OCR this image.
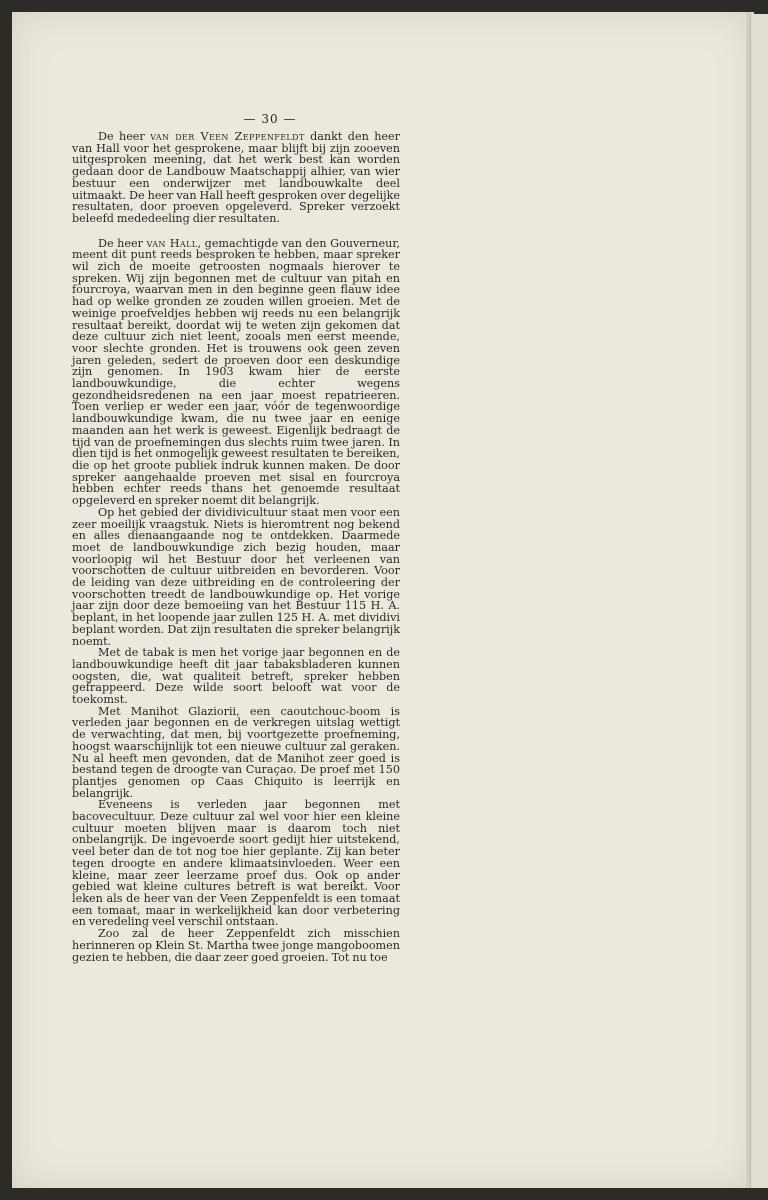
— 30 —

De heer van der Veen Zeppenfeldt dankt den heer van Hall voor het gesprokene, maar blijft bij zijn zooeven uitgesproken meening, dat het werk best kan worden gedaan door de Landbouw Maatschappij alhier, van wier bestuur een onderwijzer met landbouwkalte deel uitmaakt. De heer van Hall heeft gesproken over degelijke resultaten, door proeven opgeleverd. Spreker verzoekt beleefd mededeeling dier resultaten.

De heer van Hall, gemachtigde van den Gouverneur, meent dit punt reeds besproken te hebben, maar spreker wil zich de moeite getroosten nogmaals hierover te spreken. Wij zijn begonnen met de cultuur van pitah en fourcroya, waarvan men in den beginne geen flauw idee had op welke gronden ze zouden willen groeien. Met de weinige proefveldjes hebben wij reeds nu een belangrijk resultaat bereikt, doordat wij te weten zijn gekomen dat deze cultuur zich niet leent, zooals men eerst meende, voor slechte gronden. Het is trouwens ook geen zeven jaren geleden, sedert de proeven door een deskundige zijn genomen. In 1903 kwam hier de eerste landbouwkundige, die echter wegens gezondheidsredenen na een jaar moest repatrieeren. Toen verliep er weder een jaar, vóór de tegenwoordige landbouwkundige kwam, die nu twee jaar en eenige maanden aan het werk is geweest. Eigenlijk bedraagt de tijd van de proefnemingen dus slechts ruim twee jaren. In dien tijd is het onmogelijk geweest resultaten te bereiken, die op het groote publiek indruk kunnen maken. De door spreker aangehaalde proeven met sisal en fourcroya hebben echter reeds thans het genoemde resultaat opgeleverd en spreker noemt dit belangrijk.

Op het gebied der dividivicultuur staat men voor een zeer moeilijk vraagstuk. Niets is hieromtrent nog bekend en alles dienaangaande nog te ontdekken. Daarmede moet de landbouwkundige zich bezig houden, maar voorloopig wil het Bestuur door het verleenen van voorschotten de cultuur uitbreiden en bevorderen. Voor de leiding van deze uitbreiding en de controleering der voorschotten treedt de landbouwkundige op. Het vorige jaar zijn door deze bemoeiing van het Bestuur 115 H. A. beplant, in het loopende jaar zullen 125 H. A. met dividivi beplant worden. Dat zijn resultaten die spreker belangrijk noemt.

Met de tabak is men het vorige jaar begonnen en de landbouwkundige heeft dit jaar tabaksbladeren kunnen oogsten, die, wat qualiteit betreft, spreker hebben gefrappeerd. Deze wilde soort belooft wat voor de toekomst.

Met Manihot Glaziorii, een caoutchouc-boom is verleden jaar begonnen en de verkregen uitslag wettigt de verwachting, dat men, bij voortgezette proefneming, hoogst waarschijnlijk tot een nieuwe cultuur zal geraken. Nu al heeft men gevonden, dat de Manihot zeer goed is bestand tegen de droogte van Curaçao. De proef met 150 plantjes genomen op Caas Chiquito is leerrijk en belangrijk.

Eveneens is verleden jaar begonnen met bacovecultuur. Deze cultuur zal wel voor hier een kleine cultuur moeten blijven maar is daarom toch niet onbelangrijk. De ingevoerde soort gedijt hier uitstekend, veel beter dan de tot nog toe hier geplante. Zij kan beter tegen droogte en andere klimaatsinvloeden. Weer een kleine, maar zeer leerzame proef dus. Ook op ander gebied wat kleine cultures betreft is wat bereikt. Voor leken als de heer van der Veen Zeppenfeldt is een tomaat een tomaat, maar in werkelijkheid kan door verbetering en veredeling veel verschil ontstaan.

Zoo zal de heer Zeppenfeldt zich misschien herinneren op Klein St. Martha twee jonge mangoboomen gezien te hebben, die daar zeer goed groeien. Tot nu toe
